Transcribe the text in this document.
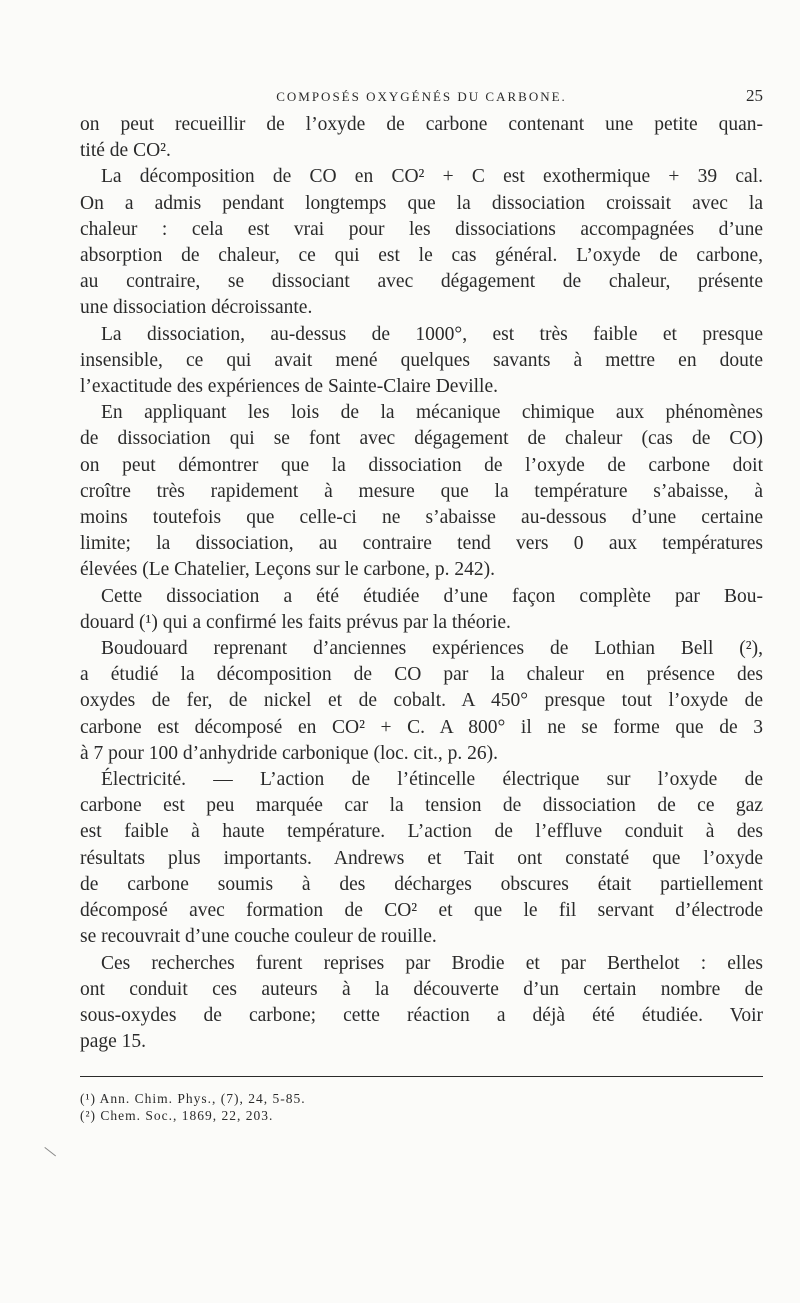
COMPOSÉS OXYGÉNÉS DU CARBONE.	25
on peut recueillir de l’oxyde de carbone contenant une petite quan-
tité de CO².
La décomposition de CO en CO² + C est exothermique + 39 cal.
On a admis pendant longtemps que la dissociation croissait avec la
chaleur : cela est vrai pour les dissociations accompagnées d’une
absorption de chaleur, ce qui est le cas général. L’oxyde de carbone,
au contraire, se dissociant avec dégagement de chaleur, présente
une dissociation décroissante.
La dissociation, au-dessus de 1000°, est très faible et presque
insensible, ce qui avait mené quelques savants à mettre en doute
l’exactitude des expériences de Sainte-Claire Deville.
En appliquant les lois de la mécanique chimique aux phénomènes
de dissociation qui se font avec dégagement de chaleur (cas de CO)
on peut démontrer que la dissociation de l’oxyde de carbone doit
croître très rapidement à mesure que la température s’abaisse, à
moins toutefois que celle-ci ne s’abaisse au-dessous d’une certaine
limite; la dissociation, au contraire tend vers 0 aux températures
élevées (Le Chatelier, Leçons sur le carbone, p. 242).
Cette dissociation a été étudiée d’une façon complète par Bou-
douard (¹) qui a confirmé les faits prévus par la théorie.
Boudouard reprenant d’anciennes expériences de Lothian Bell (²),
a étudié la décomposition de CO par la chaleur en présence des
oxydes de fer, de nickel et de cobalt. A 450° presque tout l’oxyde de
carbone est décomposé en CO² + C. A 800° il ne se forme que de 3
à 7 pour 100 d’anhydride carbonique (loc. cit., p. 26).
Électricité. — L’action de l’étincelle électrique sur l’oxyde de
carbone est peu marquée car la tension de dissociation de ce gaz
est faible à haute température. L’action de l’effluve conduit à des
résultats plus importants. Andrews et Tait ont constaté que l’oxyde
de carbone soumis à des décharges obscures était partiellement
décomposé avec formation de CO² et que le fil servant d’électrode
se recouvrait d’une couche couleur de rouille.
Ces recherches furent reprises par Brodie et par Berthelot : elles
ont conduit ces auteurs à la découverte d’un certain nombre de
sous-oxydes de carbone; cette réaction a déjà été étudiée. Voir
page 15.
(¹) Ann. Chim. Phys., (7), 24, 5-85.
(²) Chem. Soc., 1869, 22, 203.
